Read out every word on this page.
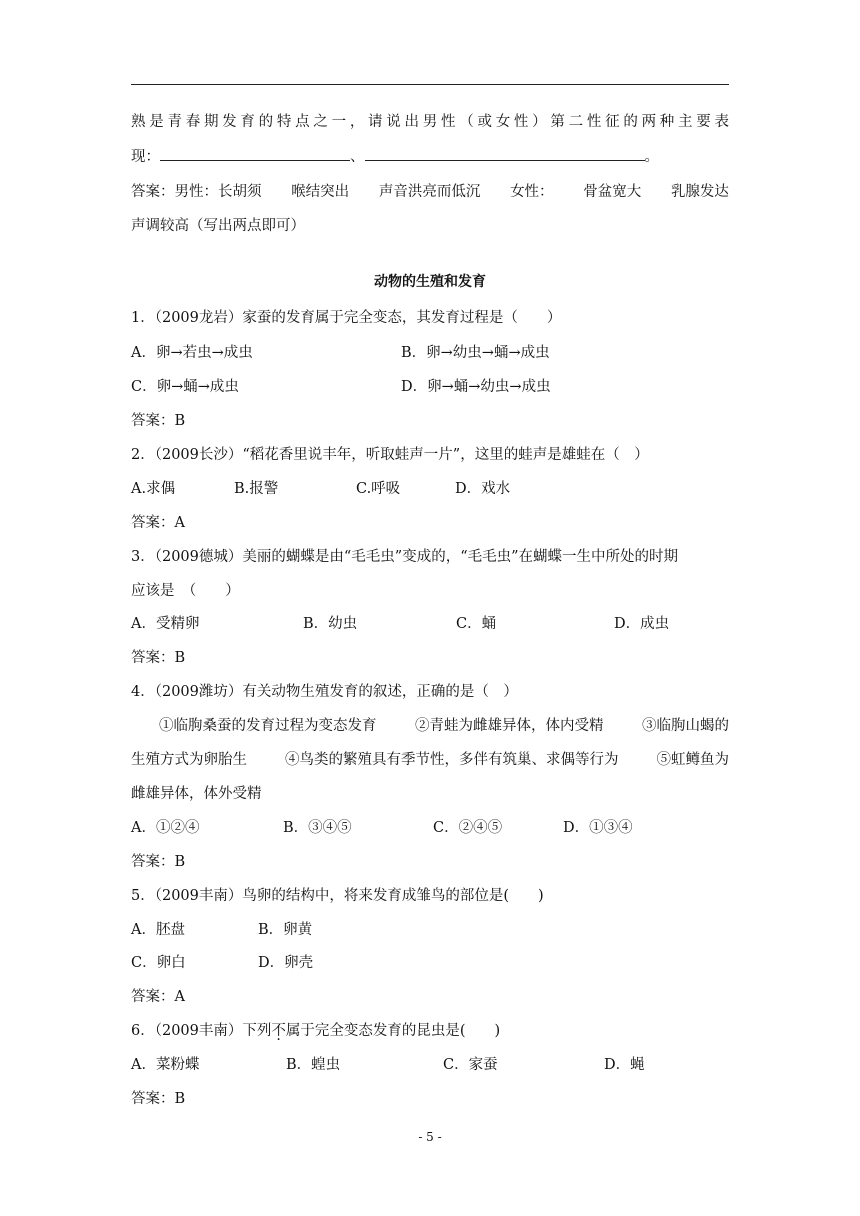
熟 是 青 春 期 发 育 的 特 点 之 一 ， 请 说 出 男 性 （ 或 女 性 ） 第 二 性 征 的 两 种 主 要 表
现：	、	。
答案：男性：长胡须 喉结突出 声音洪亮而低沉 女性： 骨盆宽大 乳腺发达
声调较高（写出两点即可）
动物的生殖和发育
1．（2009龙岩）家蚕的发育属于完全变态，其发育过程是（　　）
A．卵→若虫→成虫	B．卵→幼虫→蛹→成虫
C．卵→蛹→成虫	D．卵→蛹→幼虫→成虫
答案：B
2．（2009长沙）“稻花香里说丰年，听取蛙声一片”，这里的蛙声是雄蛙在（　）
A.求偶	B.报警	C.呼吸	D．戏水
答案：A
3．（2009德城）美丽的蝴蝶是由“毛毛虫”变成的，“毛毛虫”在蝴蝶一生中所处的时期
应该是　（　　）
A．受精卵	B．幼虫	C．蛹	D．成虫
答案：B
4．（2009潍坊）有关动物生殖发育的叙述，正确的是（　）
①临朐桑蚕的发育过程为变态发育	②青蛙为雌雄异体，体内受精	③临朐山蝎的
生殖方式为卵胎生	④鸟类的繁殖具有季节性，多伴有筑巢、求偶等行为	⑤虹鳟鱼为
雌雄异体，体外受精
A．①②④	B．③④⑤	C．②④⑤	D．①③④
答案：B
5．（2009丰南）鸟卵的结构中，将来发育成雏鸟的部位是(　　)
A．胚盘	B．卵黄
C．卵白	D．卵壳
答案：A
6．（2009丰南）下列不属于完全变态发育的昆虫是(　　)
A．菜粉蝶	B．蝗虫	C．家蚕	D．蝇
答案：B
- 5 -
